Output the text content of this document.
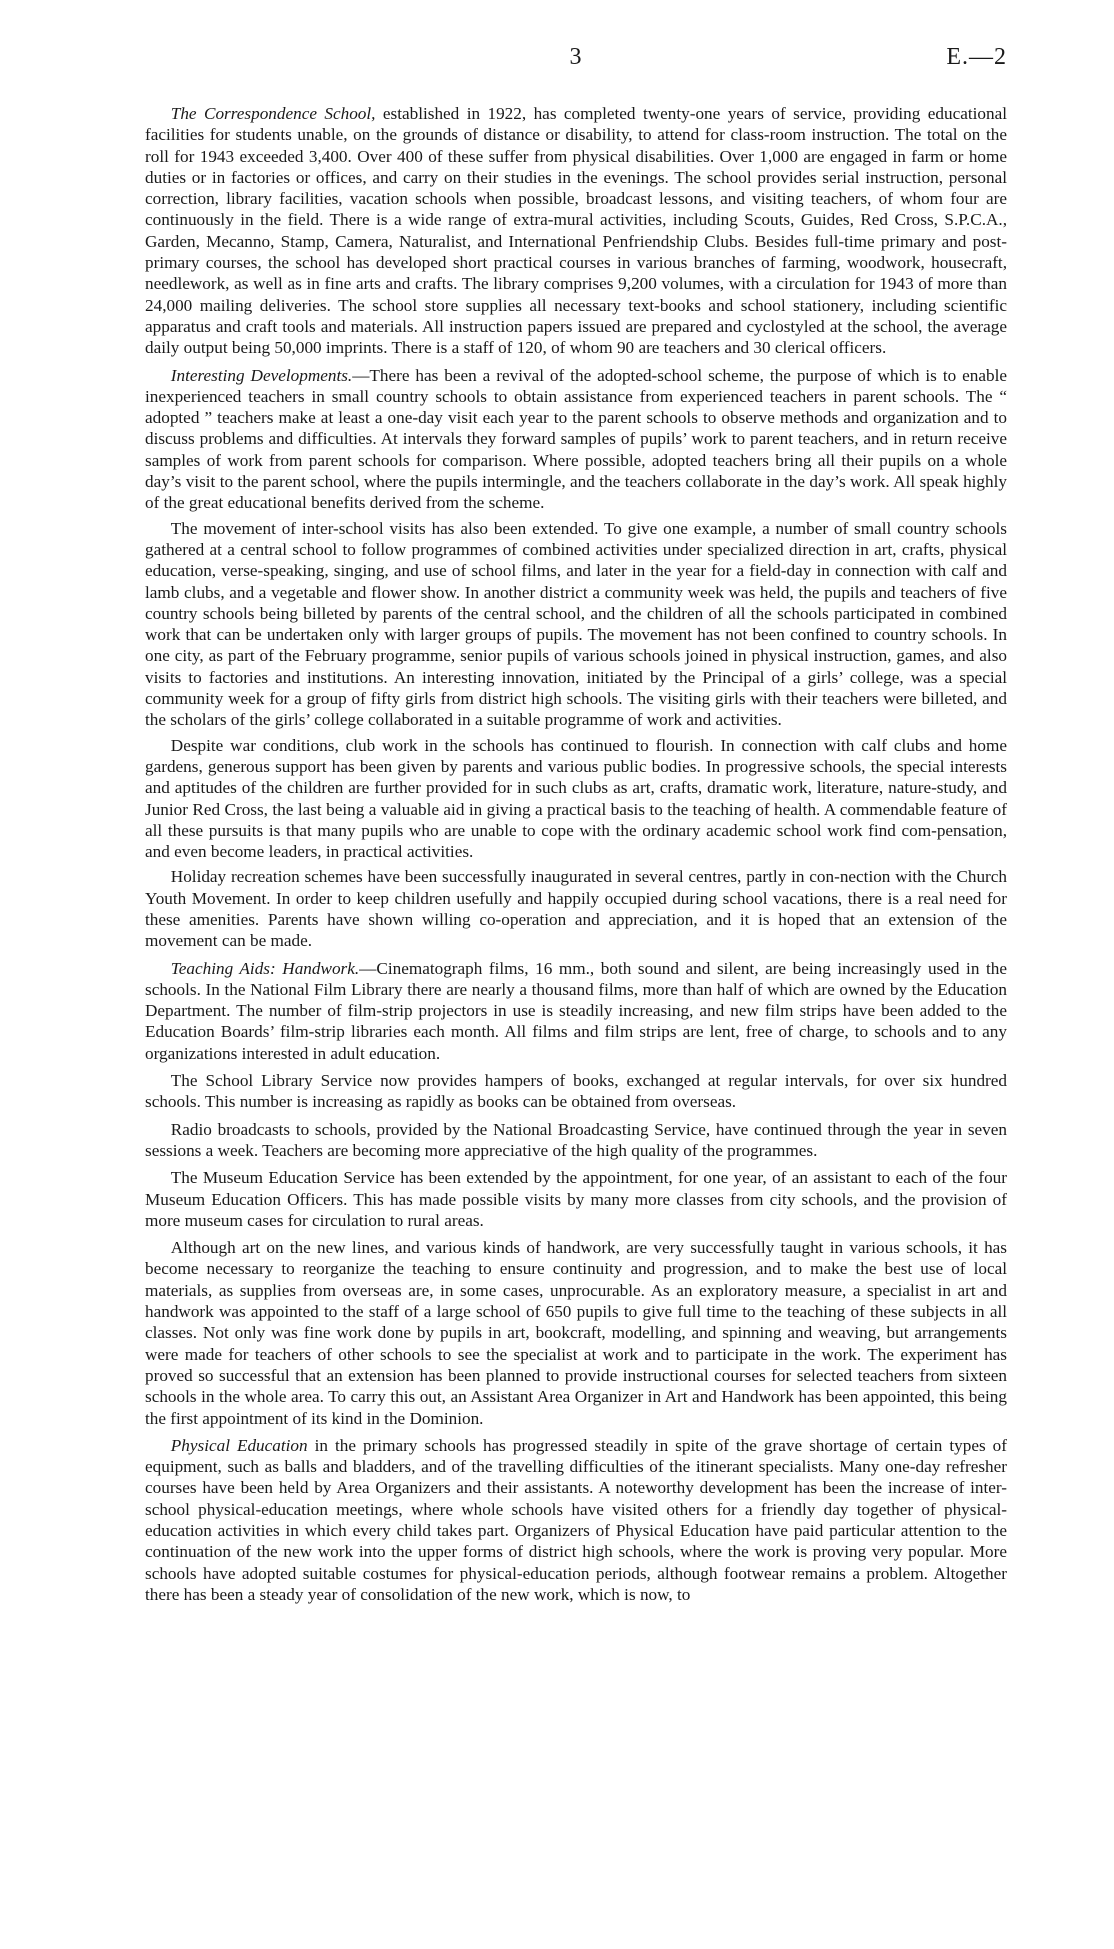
3	E.—2

  The Correspondence School, established in 1922, has completed twenty-one years of service, providing educational facilities for students unable, on the grounds of distance or disability, to attend for class-room instruction. The total on the roll for 1943 exceeded 3,400. Over 400 of these suffer from physical disabilities. Over 1,000 are engaged in farm or home duties or in factories or offices, and carry on their studies in the evenings. The school provides serial instruction, personal correction, library facilities, vacation schools when possible, broadcast lessons, and visiting teachers, of whom four are continuously in the field. There is a wide range of extra-mural activities, including Scouts, Guides, Red Cross, S.P.C.A., Garden, Mecanno, Stamp, Camera, Naturalist, and International Penfriendship Clubs. Besides full-time primary and post-primary courses, the school has developed short practical courses in various branches of farming, woodwork, housecraft, needlework, as well as in fine arts and crafts. The library comprises 9,200 volumes, with a circulation for 1943 of more than 24,000 mailing deliveries. The school store supplies all necessary text-books and school stationery, including scientific apparatus and craft tools and materials. All instruction papers issued are prepared and cyclostyled at the school, the average daily output being 50,000 imprints. There is a staff of 120, of whom 90 are teachers and 30 clerical officers.

  Interesting Developments.—There has been a revival of the adopted-school scheme, the purpose of which is to enable inexperienced teachers in small country schools to obtain assistance from experienced teachers in parent schools. The “ adopted ” teachers make at least a one-day visit each year to the parent schools to observe methods and organization and to discuss problems and difficulties. At intervals they forward samples of pupils’ work to parent teachers, and in return receive samples of work from parent schools for comparison. Where possible, adopted teachers bring all their pupils on a whole day’s visit to the parent school, where the pupils intermingle, and the teachers collaborate in the day’s work. All speak highly of the great educational benefits derived from the scheme.

  The movement of inter-school visits has also been extended. To give one example, a number of small country schools gathered at a central school to follow programmes of combined activities under specialized direction in art, crafts, physical education, verse-speaking, singing, and use of school films, and later in the year for a field-day in connection with calf and lamb clubs, and a vegetable and flower show. In another district a community week was held, the pupils and teachers of five country schools being billeted by parents of the central school, and the children of all the schools participated in combined work that can be undertaken only with larger groups of pupils. The movement has not been confined to country schools. In one city, as part of the February programme, senior pupils of various schools joined in physical instruction, games, and also visits to factories and institutions. An interesting innovation, initiated by the Principal of a girls’ college, was a special community week for a group of fifty girls from district high schools. The visiting girls with their teachers were billeted, and the scholars of the girls’ college collaborated in a suitable programme of work and activities.

  Despite war conditions, club work in the schools has continued to flourish. In connection with calf clubs and home gardens, generous support has been given by parents and various public bodies. In progressive schools, the special interests and aptitudes of the children are further provided for in such clubs as art, crafts, dramatic work, literature, nature-study, and Junior Red Cross, the last being a valuable aid in giving a practical basis to the teaching of health. A commendable feature of all these pursuits is that many pupils who are unable to cope with the ordinary academic school work find com-pensation, and even become leaders, in practical activities.

  Holiday recreation schemes have been successfully inaugurated in several centres, partly in con-nection with the Church Youth Movement. In order to keep children usefully and happily occupied during school vacations, there is a real need for these amenities. Parents have shown willing co-operation and appreciation, and it is hoped that an extension of the movement can be made.

  Teaching Aids: Handwork.—Cinematograph films, 16 mm., both sound and silent, are being increasingly used in the schools. In the National Film Library there are nearly a thousand films, more than half of which are owned by the Education Department. The number of film-strip projectors in use is steadily increasing, and new film strips have been added to the Education Boards’ film-strip libraries each month. All films and film strips are lent, free of charge, to schools and to any organizations interested in adult education.

  The School Library Service now provides hampers of books, exchanged at regular intervals, for over six hundred schools. This number is increasing as rapidly as books can be obtained from overseas.

  Radio broadcasts to schools, provided by the National Broadcasting Service, have continued through the year in seven sessions a week. Teachers are becoming more appreciative of the high quality of the programmes.

  The Museum Education Service has been extended by the appointment, for one year, of an assistant to each of the four Museum Education Officers. This has made possible visits by many more classes from city schools, and the provision of more museum cases for circulation to rural areas.

  Although art on the new lines, and various kinds of handwork, are very successfully taught in various schools, it has become necessary to reorganize the teaching to ensure continuity and progression, and to make the best use of local materials, as supplies from overseas are, in some cases, unprocurable. As an exploratory measure, a specialist in art and handwork was appointed to the staff of a large school of 650 pupils to give full time to the teaching of these subjects in all classes. Not only was fine work done by pupils in art, bookcraft, modelling, and spinning and weaving, but arrangements were made for teachers of other schools to see the specialist at work and to participate in the work. The experiment has proved so successful that an extension has been planned to provide instructional courses for selected teachers from sixteen schools in the whole area. To carry this out, an Assistant Area Organizer in Art and Handwork has been appointed, this being the first appointment of its kind in the Dominion.

  Physical Education in the primary schools has progressed steadily in spite of the grave shortage of certain types of equipment, such as balls and bladders, and of the travelling difficulties of the itinerant specialists. Many one-day refresher courses have been held by Area Organizers and their assistants. A noteworthy development has been the increase of inter-school physical-education meetings, where whole schools have visited others for a friendly day together of physical-education activities in which every child takes part. Organizers of Physical Education have paid particular attention to the continuation of the new work into the upper forms of district high schools, where the work is proving very popular. More schools have adopted suitable costumes for physical-education periods, although footwear remains a problem. Altogether there has been a steady year of consolidation of the new work, which is now, to
